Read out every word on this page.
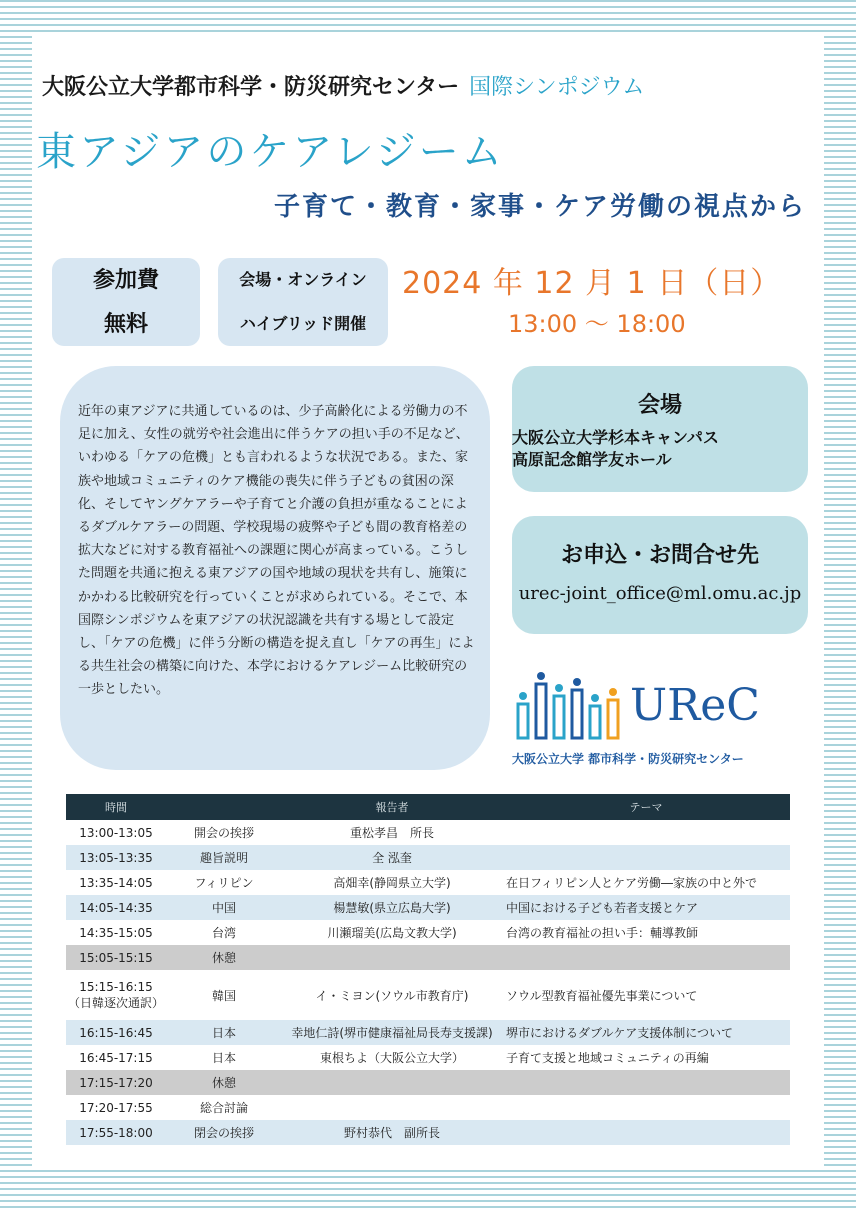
大阪公立大学都市科学・防災研究センター 国際シンポジウム
東アジアのケアレジーム
子育て・教育・家事・ケア労働の視点から
参加費
無料
会場・オンライン
ハイブリッド開催
2024 年 12 月 1 日（日）
13:00 ～ 18:00
近年の東アジアに共通しているのは、少子高齢化による労働力の不足に加え、女性の就労や社会進出に伴うケアの担い手の不足など、いわゆる「ケアの危機」とも言われるような状況である。また、家族や地域コミュニティのケア機能の喪失に伴う子どもの貧困の深化、そしてヤングケアラーや子育てと介護の負担が重なることによるダブルケアラーの問題、学校現場の疲弊や子ども間の教育格差の拡大などに対する教育福祉への課題に関心が高まっている。こうした問題を共通に抱える東アジアの国や地域の現状を共有し、施策にかかわる比較研究を行っていくことが求められている。そこで、本国際シンポジウムを東アジアの状況認識を共有する場として設定し、「ケアの危機」に伴う分断の構造を捉え直し「ケアの再生」による共生社会の構築に向けた、本学におけるケアレジーム比較研究の一歩としたい。
会場
大阪公立大学杉本キャンパス
高原記念館学友ホール
お申込・お問合せ先
urec-joint_office@ml.omu.ac.jp
UReC
大阪公立大学 都市科学・防災研究センター
時間		報告者	テーマ
13:00-13:05	開会の挨拶	重松孝昌　所長	
13:05-13:35	趣旨説明	全 泓奎	
13:35-14:05	フィリピン	高畑幸(静岡県立大学)	在日フィリピン人とケア労働―家族の中と外で
14:05-14:35	中国	楊慧敏(県立広島大学)	中国における子ども若者支援とケア
14:35-15:05	台湾	川瀬瑠美(広島文教大学)	台湾の教育福祉の担い手：輔導教師
15:05-15:15	休憩		

15:15-16:15
（日韓逐次通訳）	韓国	イ・ミヨン(ソウル市教育庁)	ソウル型教育福祉優先事業について
16:15-16:45	日本	幸地仁詩(堺市健康福祉局長寿支援課)	堺市におけるダブルケア支援体制について
16:45-17:15	日本	東根ちよ（大阪公立大学）	子育て支援と地域コミュニティの再編
17:15-17:20	休憩		
17:20-17:55	総合討論		
17:55-18:00	閉会の挨拶	野村恭代　副所長	
